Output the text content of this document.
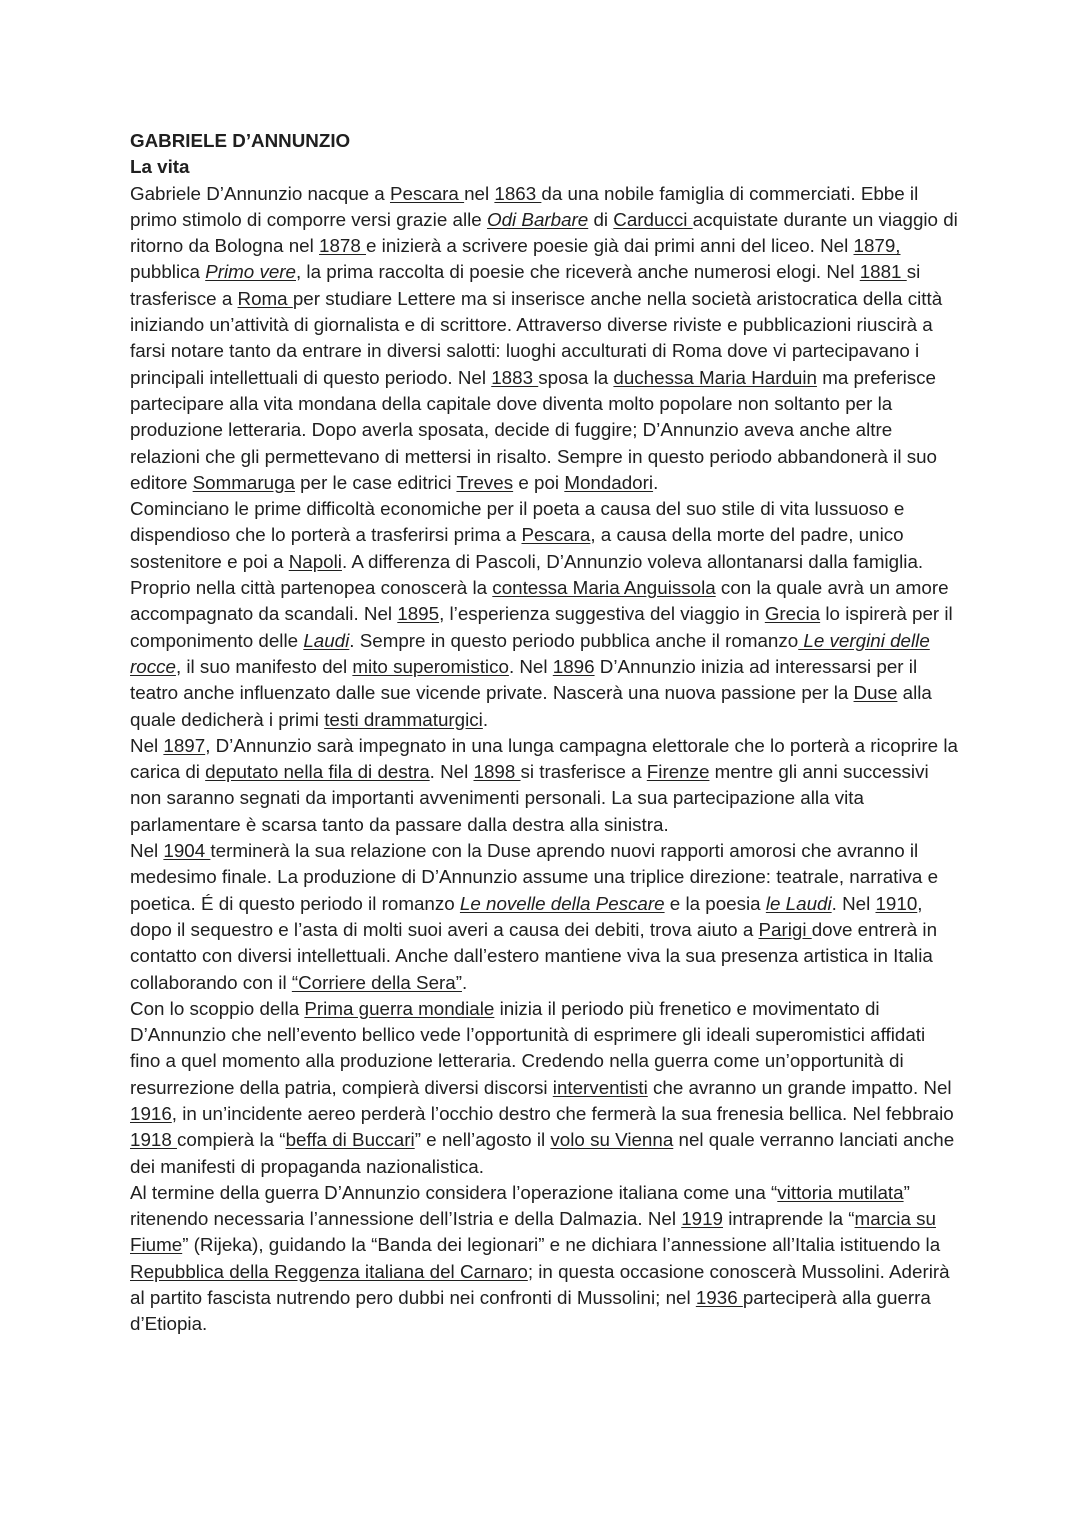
GABRIELE D’ANNUNZIO
La vita

Gabriele D’Annunzio nacque a Pescara nel 1863 da una nobile famiglia di commerciati. Ebbe il primo stimolo di comporre versi grazie alle Odi Barbare di Carducci acquistate durante un viaggio di ritorno da Bologna nel 1878 e inizierà a scrivere poesie già dai primi anni del liceo. Nel 1879, pubblica Primo vere, la prima raccolta di poesie che riceverà anche numerosi elogi. Nel 1881 si trasferisce a Roma per studiare Lettere ma si inserisce anche nella società aristocratica della città iniziando un’attività di giornalista e di scrittore. Attraverso diverse riviste e pubblicazioni riuscirà a farsi notare tanto da entrare in diversi salotti: luoghi acculturati di Roma dove vi partecipavano i principali intellettuali di questo periodo. Nel 1883 sposa la duchessa Maria Harduin ma preferisce partecipare alla vita mondana della capitale dove diventa molto popolare non soltanto per la produzione letteraria. Dopo averla sposata, decide di fuggire; D’Annunzio aveva anche altre relazioni che gli permettevano di mettersi in risalto. Sempre in questo periodo abbandonerà il suo editore Sommaruga per le case editrici Treves e poi Mondadori.

Cominciano le prime difficoltà economiche per il poeta a causa del suo stile di vita lussuoso e dispendioso che lo porterà a trasferirsi prima a Pescara, a causa della morte del padre, unico sostenitore e poi a Napoli. A differenza di Pascoli, D’Annunzio voleva allontanarsi dalla famiglia. Proprio nella città partenopea conoscerà la contessa Maria Anguissola con la quale avrà un amore accompagnato da scandali. Nel 1895, l’esperienza suggestiva del viaggio in Grecia lo ispirerà per il componimento delle Laudi. Sempre in questo periodo pubblica anche il romanzo Le vergini delle rocce, il suo manifesto del mito superomistico. Nel 1896 D’Annunzio inizia ad interessarsi per il teatro anche influenzato dalle sue vicende private. Nascerà una nuova passione per la Duse alla quale dedicherà i primi testi drammaturgici.

Nel 1897, D’Annunzio sarà impegnato in una lunga campagna elettorale che lo porterà a ricoprire la carica di deputato nella fila di destra. Nel 1898 si trasferisce a Firenze mentre gli anni successivi non saranno segnati da importanti avvenimenti personali. La sua partecipazione alla vita parlamentare è scarsa tanto da passare dalla destra alla sinistra.

Nel 1904 terminerà la sua relazione con la Duse aprendo nuovi rapporti amorosi che avranno il medesimo finale. La produzione di D’Annunzio assume una triplice direzione: teatrale, narrativa e poetica. É di questo periodo il romanzo Le novelle della Pescare e la poesia le Laudi. Nel 1910, dopo il sequestro e l’asta di molti suoi averi a causa dei debiti, trova aiuto a Parigi dove entrerà in contatto con diversi intellettuali. Anche dall’estero mantiene viva la sua presenza artistica in Italia collaborando con il “Corriere della Sera”.

Con lo scoppio della Prima guerra mondiale inizia il periodo più frenetico e movimentato di D’Annunzio che nell’evento bellico vede l’opportunità di esprimere gli ideali superomistici affidati fino a quel momento alla produzione letteraria. Credendo nella guerra come un’opportunità di resurrezione della patria, compierà diversi discorsi interventisti che avranno un grande impatto. Nel 1916, in un’incidente aereo perderà l’occhio destro che fermerà la sua frenesia bellica. Nel febbraio 1918 compierà la “beffa di Buccari” e nell’agosto il volo su Vienna nel quale verranno lanciati anche dei manifesti di propaganda nazionalistica.

Al termine della guerra D’Annunzio considera l’operazione italiana come una “vittoria mutilata” ritenendo necessaria l’annessione dell’Istria e della Dalmazia. Nel 1919 intraprende la “marcia su Fiume” (Rijeka), guidando la “Banda dei legionari” e ne dichiara l’annessione all’Italia istituendo la Repubblica della Reggenza italiana del Carnaro; in questa occasione conoscerà Mussolini. Aderirà al partito fascista nutrendo pero dubbi nei confronti di Mussolini; nel 1936 parteciperà alla guerra d’Etiopia.
